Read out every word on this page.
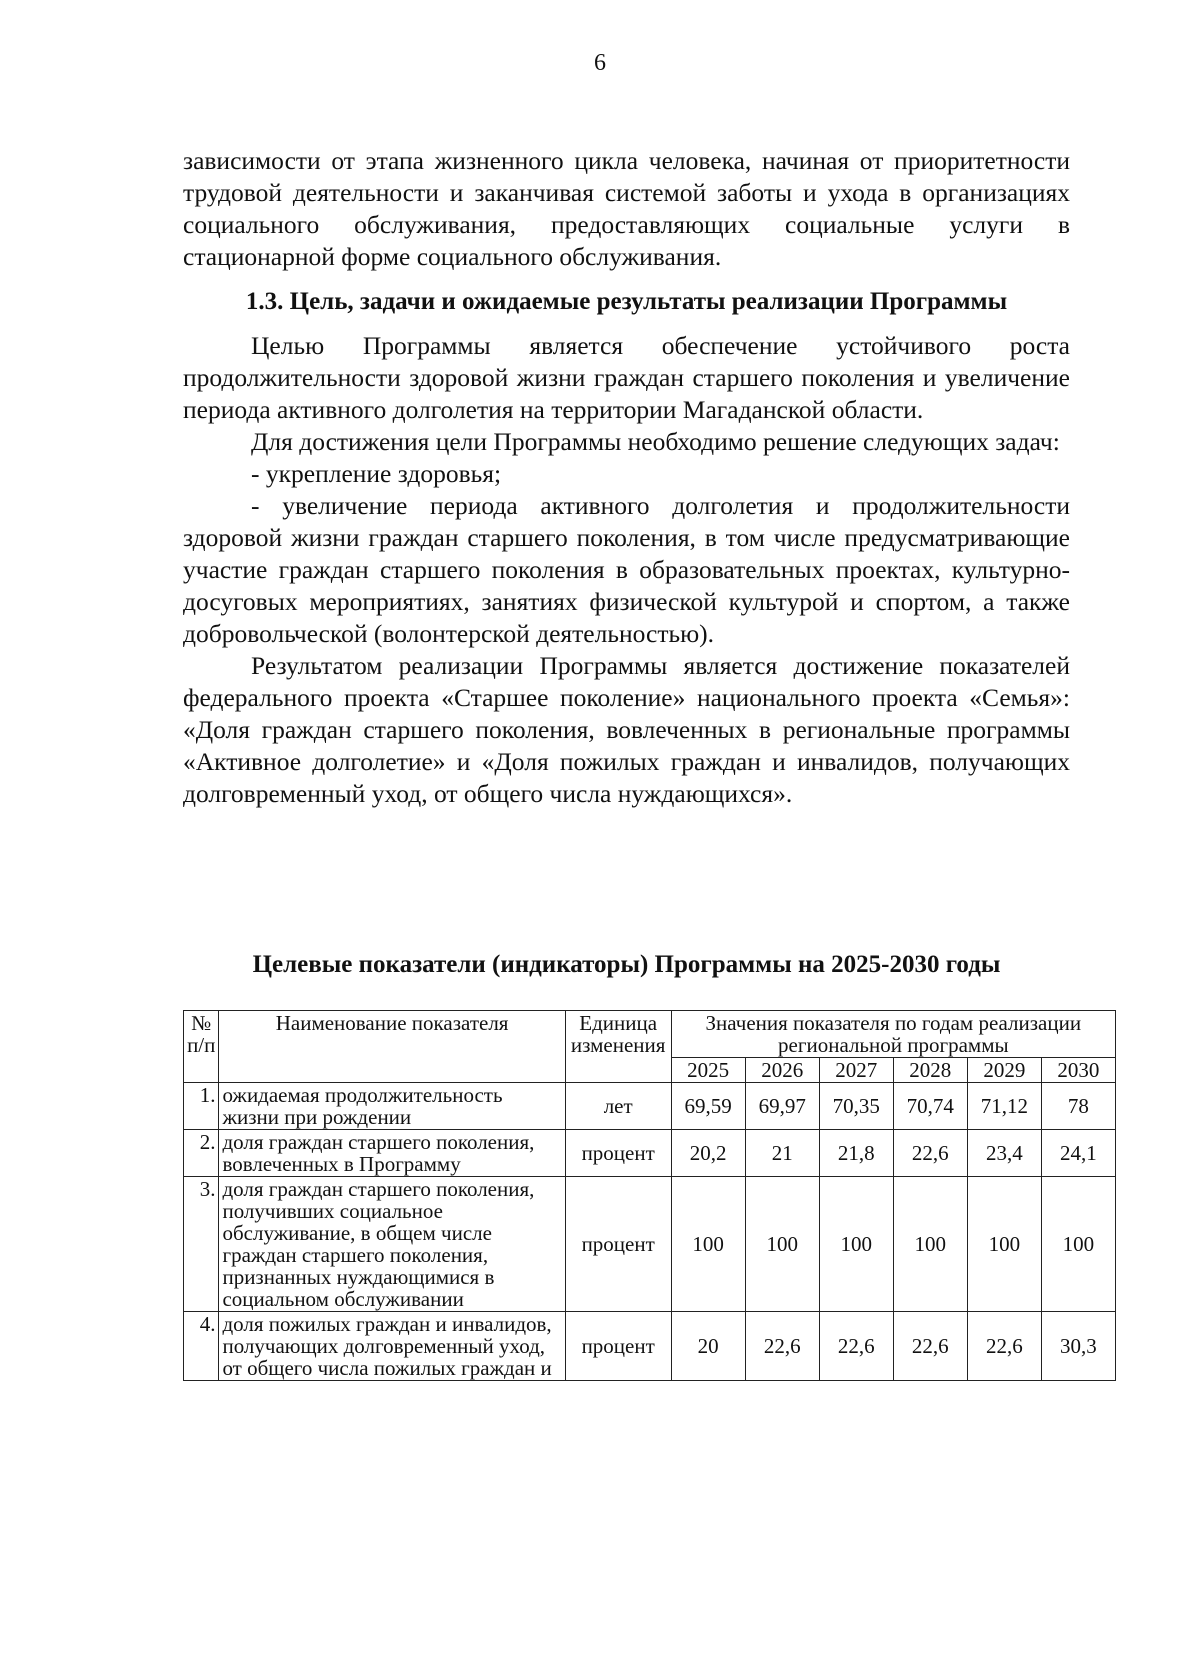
6
зависимости от этапа жизненного цикла человека, начиная от приоритетности трудовой деятельности и заканчивая системой заботы и ухода в организациях социального обслуживания, предоставляющих социальные услуги в стационарной форме социального обслуживания.
1.3. Цель, задачи и ожидаемые результаты реализации Программы

Целью Программы является обеспечение устойчивого роста продолжительности здоровой жизни граждан старшего поколения и увеличение периода активного долголетия на территории Магаданской области.

Для достижения цели Программы необходимо решение следующих задач:

- укрепление здоровья;

- увеличение периода активного долголетия и продолжительности здоровой жизни граждан старшего поколения, в том числе предусматривающие участие граждан старшего поколения в образовательных проектах, культурно-досуговых мероприятиях, занятиях физической культурой и спортом, а также добровольческой (волонтерской деятельностью).

Результатом реализации Программы является достижение показателей федерального проекта «Старшее поколение» национального проекта «Семья»: «Доля граждан старшего поколения, вовлеченных в региональные программы «Активное долголетие» и «Доля пожилых граждан и инвалидов, получающих долговременный уход, от общего числа нуждающихся».

Целевые показатели (индикаторы) Программы на 2025-2030 годы
№ п/п	Наименование показателя	Единица изменения	Значения показателя по годам реализации региональной программы					
			2025	2026	2027	2028	2029	2030
1.	ожидаемая продолжительность жизни при рождении	лет	69,59	69,97	70,35	70,74	71,12	78
2.	доля граждан старшего поколения, вовлеченных в Программу	процент	20,2	21	21,8	22,6	23,4	24,1
3.	доля граждан старшего поколения, получивших социальное обслуживание, в общем числе граждан старшего поколения, признанных нуждающимися в социальном обслуживании	процент	100	100	100	100	100	100
4.	доля пожилых граждан и инвалидов, получающих долговременный уход, от общего числа пожилых граждан и	процент	20	22,6	22,6	22,6	22,6	30,3
